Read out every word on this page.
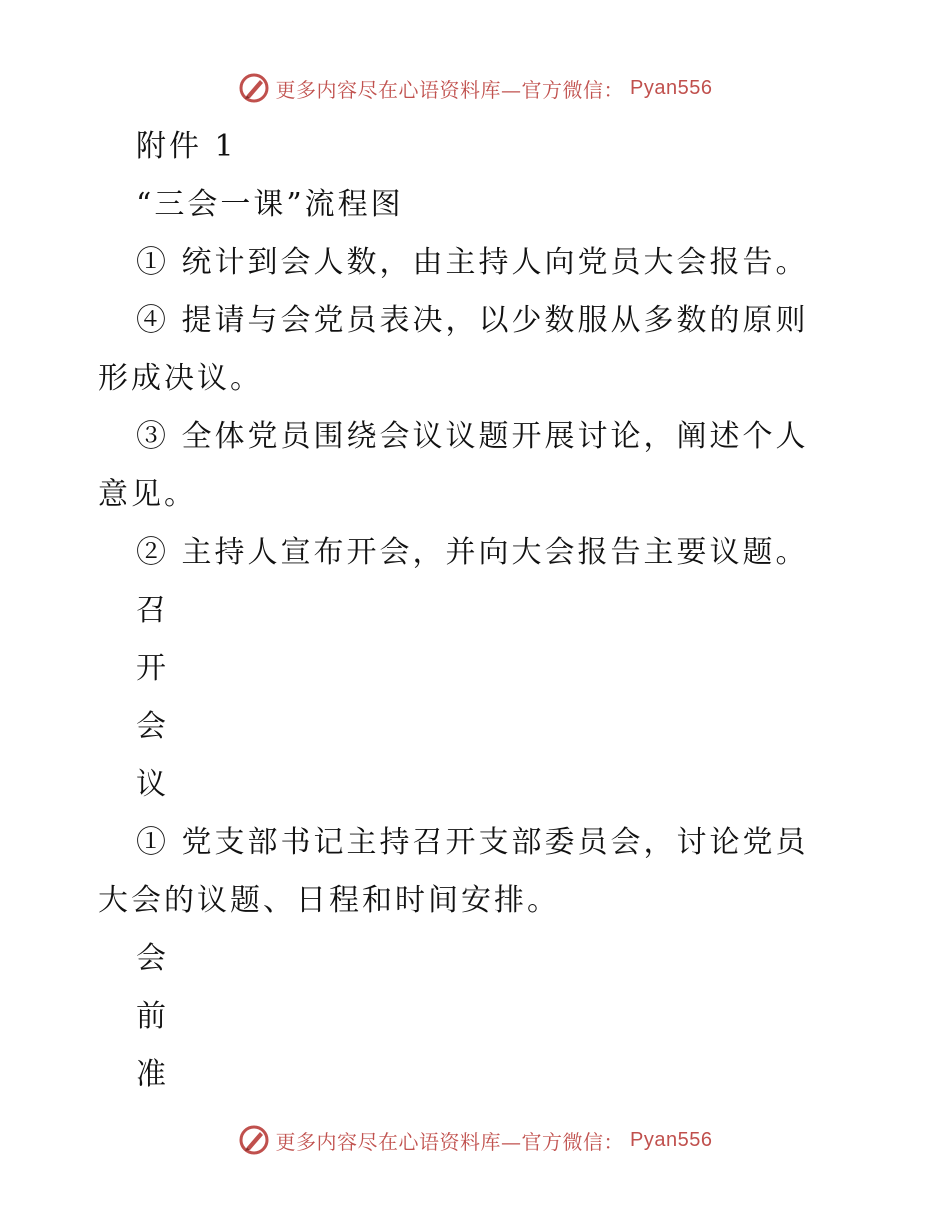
更多内容尽在心语资料库—官方微信： Pyan556

附件 1

“三会一课”流程图

① 统计到会人数，由主持人向党员大会报告。

④ 提请与会党员表决，以少数服从多数的原则形成决议。

③ 全体党员围绕会议议题开展讨论，阐述个人意见。

② 主持人宣布开会，并向大会报告主要议题。

召

开

会

议

① 党支部书记主持召开支部委员会，讨论党员大会的议题、日程和时间安排。

会

前

准

更多内容尽在心语资料库—官方微信： Pyan556
